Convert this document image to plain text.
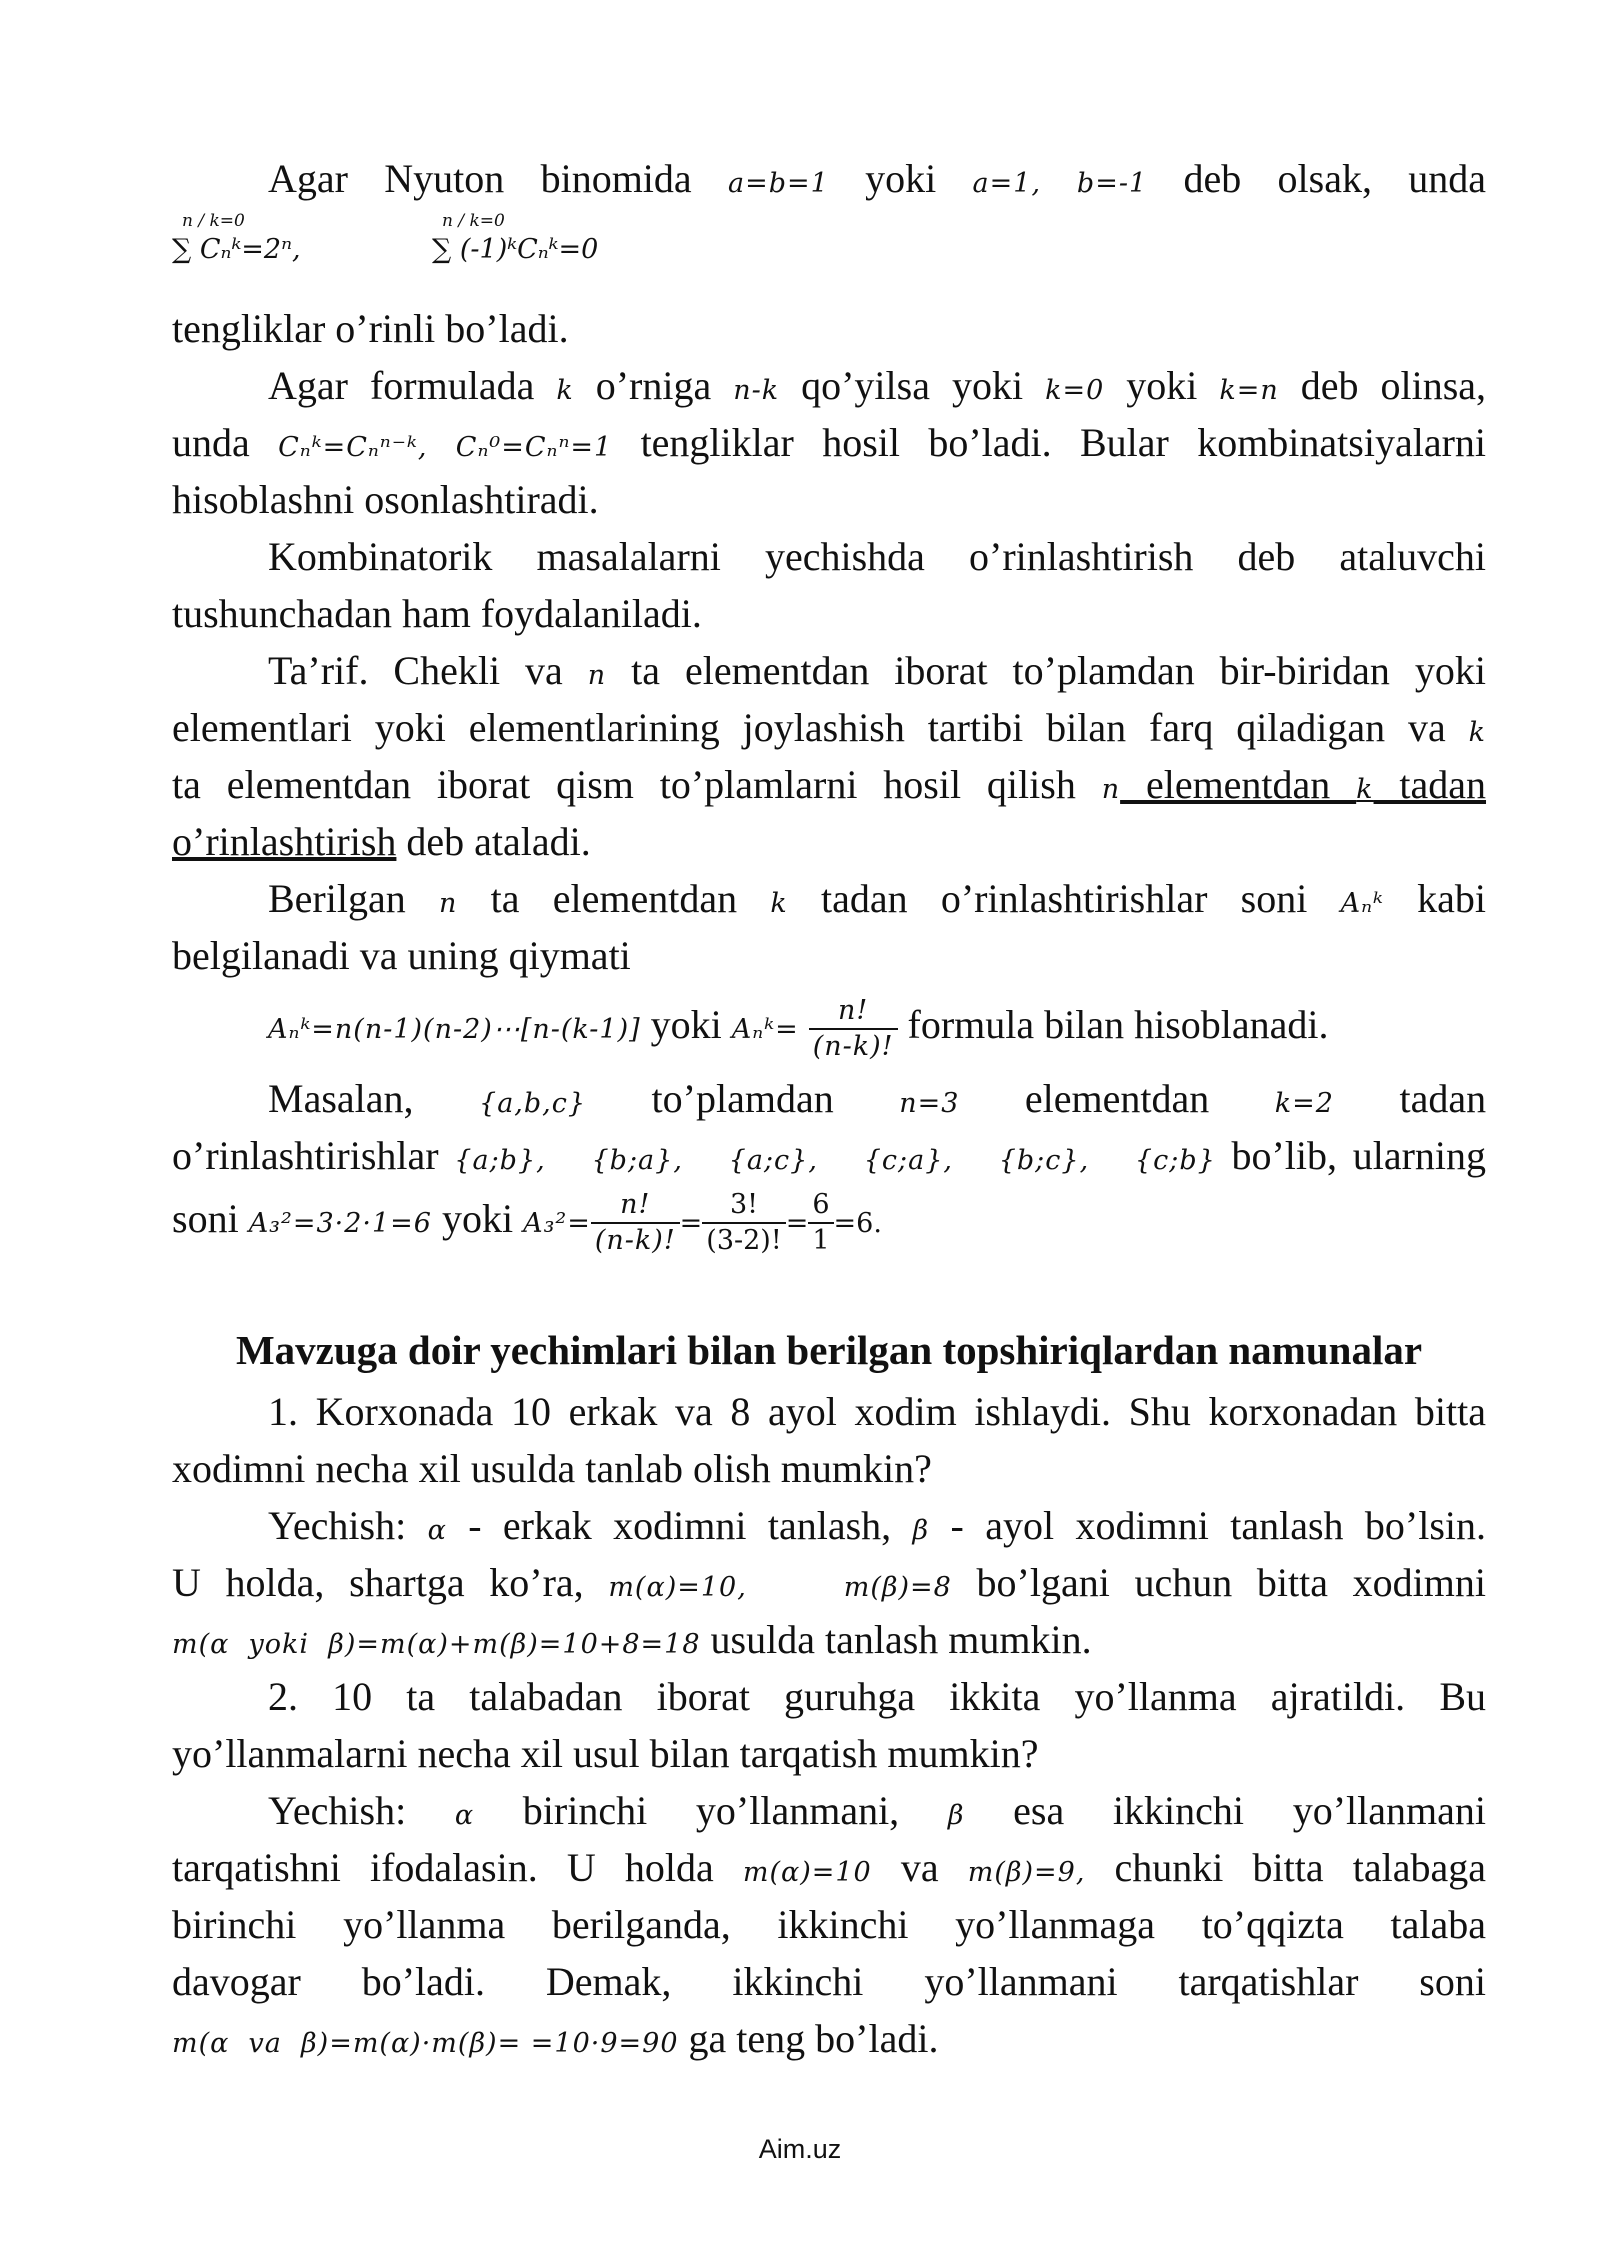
Agar Nyuton binomida a=b=1 yoki a=1, b=-1 deb olsak, unda
n / k=0
∑ Cₙᵏ=2ⁿ,
n / k=0
∑ (-1)ᵏCₙᵏ=0
tengliklar o’rinli bo’ladi.
Agar formulada k o’rniga n-k qo’yilsa yoki k=0 yoki k=n deb olinsa,
unda Cₙᵏ=Cₙⁿ⁻ᵏ, Cₙ⁰=Cₙⁿ=1 tengliklar hosil bo’ladi. Bular kombinatsiyalarni
hisoblashni osonlashtiradi.
Kombinatorik masalalarni yechishda o’rinlashtirish deb ataluvchi
tushunchadan ham foydalaniladi.
Ta’rif. Chekli va n ta elementdan iborat to’plamdan bir-biridan yoki
elementlari yoki elementlarining joylashish tartibi bilan farq qiladigan va k
ta elementdan iborat qism to’plamlarni hosil qilish n elementdan k tadan
o’rinlashtirish deb ataladi.
Berilgan n ta elementdan k tadan o’rinlashtirishlar soni Aₙᵏ kabi
belgilanadi va uning qiymati
Aₙᵏ=n(n-1)(n-2)⋯[n-(k-1)] yoki Aₙᵏ= $\frac{n!}{(n-k)!}$ formula bilan hisoblanadi.
Masalan, {a,b,c} to’plamdan n=3 elementdan k=2 tadan
o’rinlashtirishlar {a;b},   {b;a},   {a;c},   {c;a},   {b;c},   {c;b} bo’lib, ularning
soni A₃²=3·2·1=6 yoki $A_3^2= \frac{n!}{(n-k)!} = \frac{3!}{(3-2)!} = \frac{6}{1} =6$.
Mavzuga doir yechimlari bilan berilgan topshiriqlardan namunalar
1. Korxonada 10 erkak va 8 ayol xodim ishlaydi. Shu korxonadan bitta
xodimni necha xil usulda tanlab olish mumkin?
Yechish: α - erkak xodimni tanlash, β - ayol xodimni tanlash bo’lsin.
U holda, shartga ko’ra, m(α)=10,    m(β)=8 bo’lgani uchun bitta xodimni
m(α  yoki  β)=m(α)+m(β)=10+8=18 usulda tanlash mumkin.
2. 10 ta talabadan iborat guruhga ikkita yo’llanma ajratildi. Bu
yo’llanmalarni necha xil usul bilan tarqatish mumkin?
Yechish: α birinchi yo’llanmani, β esa ikkinchi yo’llanmani
tarqatishni ifodalasin. U holda m(α)=10 va m(β)=9, chunki bitta talabaga
birinchi yo’llanma berilganda, ikkinchi yo’llanmaga to’qqizta talaba
davogar bo’ladi. Demak, ikkinchi yo’llanmani tarqatishlar soni
m(α  va  β)=m(α)·m(β)= =10·9=90 ga teng bo’ladi.
Aim.uz
